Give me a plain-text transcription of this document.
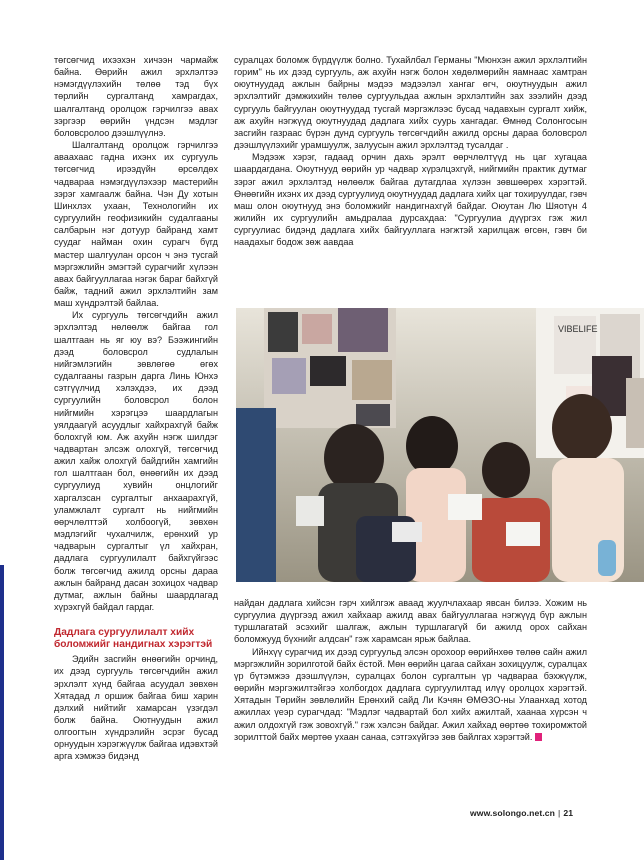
төгсөгчид ихээхэн хичээн чармайж байна. Өөрийн ажил эрхлэлтээ нэмэгдүүлэхийн төлөө тэд бүх төрлийн сургалтанд хамрагдах, шалгалтанд оролцож гэрчилгээ авах зэргээр өөрийн үндсэн мэдлэг боловсролоо дээшлүүлнэ.

Шалгалтанд оролцож гэрчилгээ аваахаас гадна ихэнх их сургууль төгсөгчид ирээдүйн өрсөлдөх чадвараа нэмэгдүүлэхээр мастерийн зэрэг хамгаалж байна. Чэн Ду хотын Шинхлэх ухаан, Технологийн их сургуулийн геофизикийн судалгааны салбарын нэг дотуур байранд хамт суудаг найман охин сурагч бүгд мастер шалгуулан орсон ч энэ тусгай мэргэжлийн эмэгтэй сурагчийг хүлээн авах байгууллагаа нэгэк бараг байхгүй байж, тадний ажил эрхлэлтийн зам маш хүндрэлтэй байлаа.

Их сургууль төгсөгчдийн ажил эрхлэлтэд нөлөөлж байгаа гол шалтгаан нь яг юу вэ? Бээжингийн дээд боловсрол судлалын нийгэмлэгийн зөвлөгөө өгөх судалгааны газрын дарга Линь Юнхэ сэтгүүлчид хэлэхдээ, их дээд сургуулийн боловсрол болон нийгмийн хэрэгцээ шаардлагын уялдаагүй асуудлыг хайхрахгүй байж болохгүй юм. Аж ахуйн нэгж шилдэг чадвартан элсэж олохгүй, төгсөгчид ажил хайж олохгүй байдгийн хамгийн гол шалтгаан бол, өнөөгийн их дээд сургуулиуд хувийн онцлогийг харгалзсан сургалтыг анхаарахгүй, уламжлалт сургалт нь нийгмийн өөрчлөлттэй холбоогүй, зөвхөн мэдлэгийг чухалчилж, ерөнхий ур чадварын сургалтыг үл хайхран, дадлага сургуулилалт байхгүйгээс болж төгсөгчид ажилд орсны дараа ажлын байранд дасан зохицох чадвар дутмаг, ажлын байны шаардлагад хүрэхгүй байдал гардаг.

Дадлага сургуулилалт хийх боломжийг нандигнах хэрэгтэй

Эдийн засгийн өнөөгийн орчинд, их дээд сургууль төгсөгчдийн ажил эрхлэлт хүнд байгаа асуудал зөвхөн Хятадад л оршиж байгаа биш харин дэлхий нийтийг хамарсан үзэгдэл болж байна. Оютнуудын ажил олгоогтын хүндрэлийн эсрэг бусад орнуудын хэрэгжүүлж байгаа идэвхтэй арга хэмжээ бидэнд

суралцах боломж бүрдүүлж болно. Тухайлбал Германы "Мюнхэн ажил эрхлэлтийн горим" нь их дээд сургууль, аж ахуйн нэгж болон хөдөлмөрийн яамнаас хамтран оюутнуудад ажлын байрны мэдээ мэдээлэл хангаг өгч, оюутнуудын ажил эрхлэлтийг дэмжихийн төлөө сургуульдаа ажлын эрхлэлтийн зах зээлийн дээд сургууль байгуулан оюутнуудад тусгай мэргэжлээс бусад чадавхын сургалт хийж, аж ахуйн нэгжүүд оюутнуудад дадлага хийх суурь хангадаг. Өмнөд Солонгосын засгийн газраас бүрэн дунд сургууль төгсөгчдийн ажилд орсны дараа боловсрол дээшлүүлэхийг урамшуулж, залуусын ажил эрхлэлтэд тусалдаг .

Мэдээж хэрэг, гадаад орчин дахь эрэлт өөрчлөлтүүд нь цаг хугацаа шаардагдана. Оюутнууд өөрийн ур чадвар хүрэлцэхгүй, нийгмийн практик дутмаг зэрэг ажил эрхлэлтэд нөлөөлж байгаа дутагдлаа хүлээн зөвшөөрөх хэрэгтэй. Өнөөгийн ихэнх их дээд сургуулиуд оюутнуудад дадлага хийх цаг тохируулдаг, гэвч маш олон оюутнууд энэ боломжийг нандигнахгүй байдаг. Оюутан Лю Шяотүн 4 жилийн их сургуулийн амьдралаа дурсахдаа: "Сургуулиа дүүргэх гэж жил сургуулиас бидэнд дадлага хийх байгууллага нэгжтэй харилцаж өгсөн, гэвч би наадахыг бодож зөж аавдаа

VIBELIFE

найдан дадлага хийсэн гэрч хийлгэж аваад жуулчлахаар явсан билээ. Хожим нь сургуулиа дүүргээд ажил хайхаар ажилд авах байгууллагаа нэгжүүд бүр ажлын туршлагатай эсэхийг шалгаж, ажлын туршлагагүй би ажилд орох сайхан боломжууд бүхнийг алдсан" гэж харамсан ярьж байлаа.

Ийнхүү сурагчид их дээд сургуульд элсэн орохоор өөрийнхөө төлөө сайн ажил мэргэжлийн зорилготой байх ёстой. Мөн өөрийн цагаа сайхан зохицуулж, суралцах үр бүтэмжээ дээшлүүлэн, суралцах болон сургалтын үр чадвараа бэхжүүлж, өөрийн мэргэжилтэйгээ холбогдох дадлага сургуулилтад илүү оролцох хэрэгтэй. Хятадын Төрийн зөвлөлийн Ерөнхий сайд Ли Кэчян ӨМӨЗО-ны Улаанхад хотод ажиллах үеэр сурагчдад: "Мэдлэг чадвартай бол хийх ажилтай, хаанаа хүрсэн ч ажил олдохгүй гэж зовохгүй." гэж хэлсэн байдаг. Ажил хайхад өөртөө тохиромжтой зорилттой байх мөртөө ухаан санаа, сэтгэхүйгээ зөв байлгах хэрэгтэй.

www.solongo.net.cn | 21
